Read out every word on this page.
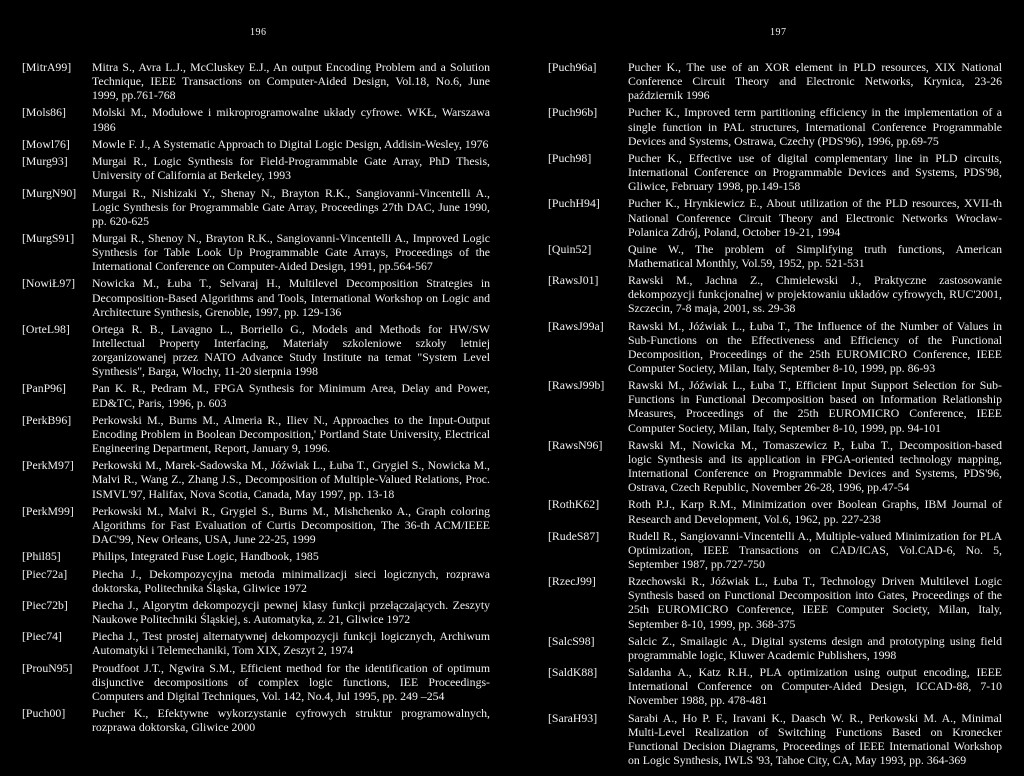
196
[MitrA99]	Mitra S., Avra L.J., McCluskey E.J., An output Encoding Problem and a Solution Technique, IEEE Transactions on Computer-Aided Design, Vol.18, No.6, June 1999, pp.761-768
[Mols86]	Molski M., Modułowe i mikroprogramowalne układy cyfrowe. WKŁ, Warszawa 1986
[Mowl76]	Mowle F. J., A Systematic Approach to Digital Logic Design, Addisin-Wesley, 1976
[Murg93]	Murgai R., Logic Synthesis for Field-Programmable Gate Array, PhD Thesis, University of California at Berkeley, 1993
[MurgN90]	Murgai R., Nishizaki Y., Shenay N., Brayton R.K., Sangiovanni-Vincentelli A., Logic Synthesis for Programmable Gate Array, Proceedings 27th DAC, June 1990, pp. 620-625
[MurgS91]	Murgai R., Shenoy N., Brayton R.K., Sangiovanni-Vincentelli A., Improved Logic Synthesis for Table Look Up Programmable Gate Arrays, Proceedings of the International Conference on Computer-Aided Design, 1991, pp.564-567
[NowiŁ97]	Nowicka M., Łuba T., Selvaraj H., Multilevel Decomposition Strategies in Decomposition-Based Algorithms and Tools, International Workshop on Logic and Architecture Synthesis, Grenoble, 1997, pp. 129-136
[OrteL98]	Ortega R. B., Lavagno L., Borriello G., Models and Methods for HW/SW Intellectual Property Interfacing, Materiały szkoleniowe szkoły letniej zorganizowanej przez NATO Advance Study Institute na temat "System Level Synthesis", Barga, Włochy, 11-20 sierpnia 1998
[PanP96]	Pan K. R., Pedram M., FPGA Synthesis for Minimum Area, Delay and Power, ED&TC, Paris, 1996, p. 603
[PerkB96]	Perkowski M., Burns M., Almeria R., Iliev N., Approaches to the Input-Output Encoding Problem in Boolean Decomposition,' Portland State University, Electrical Engineering Department, Report, January 9, 1996.
[PerkM97]	Perkowski M., Marek-Sadowska M., Jóźwiak L., Łuba T., Grygiel S., Nowicka M., Malvi R., Wang Z., Zhang J.S., Decomposition of Multiple-Valued Relations, Proc. ISMVL'97, Halifax, Nova Scotia, Canada, May 1997, pp. 13-18
[PerkM99]	Perkowski M., Malvi R., Grygiel S., Burns M., Mishchenko A., Graph coloring Algorithms for Fast Evaluation of Curtis Decomposition, The 36-th ACM/IEEE DAC'99, New Orleans, USA, June 22-25, 1999
[Phil85]	Philips, Integrated Fuse Logic, Handbook, 1985
[Piec72a]	Piecha J., Dekompozycyjna metoda minimalizacji sieci logicznych, rozprawa doktorska, Politechnika Śląska, Gliwice 1972
[Piec72b]	Piecha J., Algorytm dekompozycji pewnej klasy funkcji przełączających. Zeszyty Naukowe Politechniki Śląskiej, s. Automatyka, z. 21, Gliwice 1972
[Piec74]	Piecha J., Test prostej alternatywnej dekompozycji funkcji logicznych, Archiwum Automatyki i Telemechaniki, Tom XIX, Zeszyt 2, 1974
[ProuN95]	Proudfoot J.T., Ngwira S.M., Efficient method for the identification of optimum disjunctive decompositions of complex logic functions, IEE Proceedings-Computers and Digital Techniques, Vol. 142, No.4, Jul 1995, pp. 249 –254
[Puch00]	Pucher K., Efektywne wykorzystanie cyfrowych struktur programowalnych, rozprawa doktorska, Gliwice 2000
197
[Puch96a]	Pucher K., The use of an XOR element in PLD resources, XIX National Conference Circuit Theory and Electronic Networks, Krynica, 23-26 październik 1996
[Puch96b]	Pucher K., Improved term partitioning efficiency in the implementation of a single function in PAL structures, International Conference Programmable Devices and Systems, Ostrawa, Czechy (PDS'96), 1996, pp.69-75
[Puch98]	Pucher K., Effective use of digital complementary line in PLD circuits, International Conference on Programmable Devices and Systems, PDS'98, Gliwice, February 1998, pp.149-158
[PuchH94]	Pucher K., Hrynkiewicz E., About utilization of the PLD resources, XVII-th National Conference Circuit Theory and Electronic Networks Wrocław-Polanica Zdrój, Poland, October 19-21, 1994
[Quin52]	Quine W., The problem of Simplifying truth functions, American Mathematical Monthly, Vol.59, 1952, pp. 521-531
[RawsJ01]	Rawski M., Jachna Z., Chmielewski J., Praktyczne zastosowanie dekompozycji funkcjonalnej w projektowaniu układów cyfrowych, RUC'2001, Szczecin, 7-8 maja, 2001, ss. 29-38
[RawsJ99a]	Rawski M., Jóźwiak L., Łuba T., The Influence of the Number of Values in Sub-Functions on the Effectiveness and Efficiency of the Functional Decomposition, Proceedings of the 25th EUROMICRO Conference, IEEE Computer Society, Milan, Italy, September 8-10, 1999, pp. 86-93
[RawsJ99b]	Rawski M., Jóźwiak L., Łuba T., Efficient Input Support Selection for Sub-Functions in Functional Decomposition based on Information Relationship Measures, Proceedings of the 25th EUROMICRO Conference, IEEE Computer Society, Milan, Italy, September 8-10, 1999, pp. 94-101
[RawsN96]	Rawski M., Nowicka M., Tomaszewicz P., Łuba T., Decomposition-based logic Synthesis and its application in FPGA-oriented technology mapping, International Conference on Programmable Devices and Systems, PDS'96, Ostrava, Czech Republic, November 26-28, 1996, pp.47-54
[RothK62]	Roth P.J., Karp R.M., Minimization over Boolean Graphs, IBM Journal of Research and Development, Vol.6, 1962, pp. 227-238
[RudeS87]	Rudell R., Sangiovanni-Vincentelli A., Multiple-valued Minimization for PLA Optimization, IEEE Transactions on CAD/ICAS, Vol.CAD-6, No. 5, September 1987, pp.727-750
[RzecJ99]	Rzechowski R., Jóźwiak L., Łuba T., Technology Driven Multilevel Logic Synthesis based on Functional Decomposition into Gates, Proceedings of the 25th EUROMICRO Conference, IEEE Computer Society, Milan, Italy, September 8-10, 1999, pp. 368-375
[SalcS98]	Salcic Z., Smailagic A., Digital systems design and prototyping using field programmable logic, Kluwer Academic Publishers, 1998
[SaldK88]	Saldanha A., Katz R.H., PLA optimization using output encoding, IEEE International Conference on Computer-Aided Design, ICCAD-88, 7-10 November 1988, pp. 478-481
[SaraH93]	Sarabi A., Ho P. F., Iravani K., Daasch W. R., Perkowski M. A., Minimal Multi-Level Realization of Switching Functions Based on Kronecker Functional Decision Diagrams, Proceedings of IEEE International Workshop on Logic Synthesis, IWLS '93, Tahoe City, CA, May 1993, pp. 364-369
